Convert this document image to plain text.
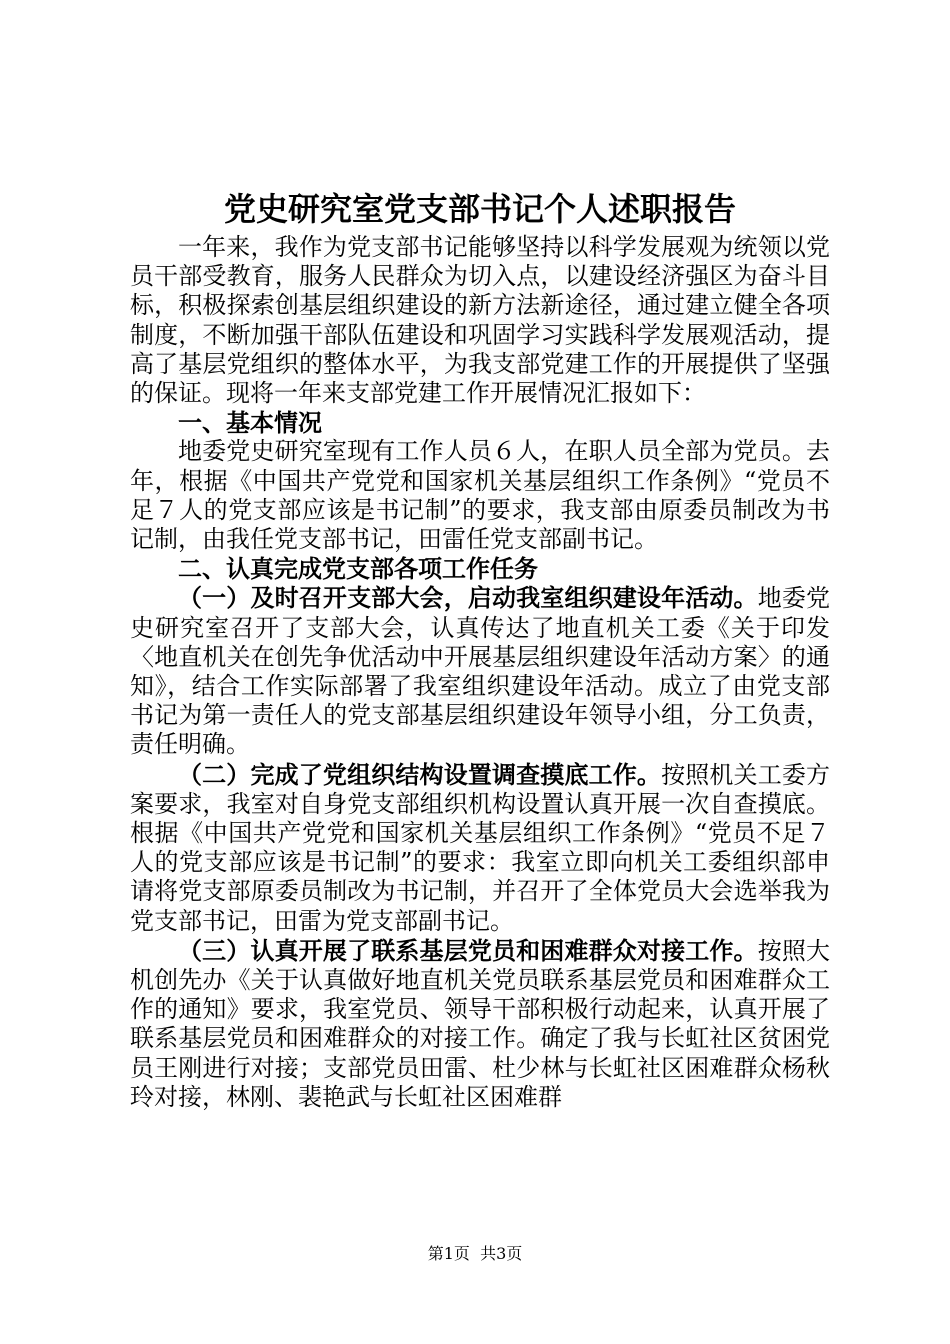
党史研究室党支部书记个人述职报告

一年来，我作为党支部书记能够坚持以科学发展观为统领以党员干部受教育，服务人民群众为切入点，以建设经济强区为奋斗目标，积极探索创基层组织建设的新方法新途径，通过建立健全各项制度，不断加强干部队伍建设和巩固学习实践科学发展观活动，提高了基层党组织的整体水平，为我支部党建工作的开展提供了坚强的保证。现将一年来支部党建工作开展情况汇报如下：

一、基本情况

地委党史研究室现有工作人员６人，在职人员全部为党员。去年，根据《中国共产党党和国家机关基层组织工作条例》“党员不足７人的党支部应该是书记制”的要求，我支部由原委员制改为书记制，由我任党支部书记，田雷任党支部副书记。

二、认真完成党支部各项工作任务

（一）及时召开支部大会，启动我室组织建设年活动。地委党史研究室召开了支部大会，认真传达了地直机关工委《关于印发〈地直机关在创先争优活动中开展基层组织建设年活动方案〉的通知》，结合工作实际部署了我室组织建设年活动。成立了由党支部书记为第一责任人的党支部基层组织建设年领导小组，分工负责，责任明确。

（二）完成了党组织结构设置调查摸底工作。按照机关工委方案要求，我室对自身党支部组织机构设置认真开展一次自查摸底。根据《中国共产党党和国家机关基层组织工作条例》“党员不足７人的党支部应该是书记制”的要求：我室立即向机关工委组织部申请将党支部原委员制改为书记制，并召开了全体党员大会选举我为党支部书记，田雷为党支部副书记。

（三）认真开展了联系基层党员和困难群众对接工作。按照大机创先办《关于认真做好地直机关党员联系基层党员和困难群众工作的通知》要求，我室党员、领导干部积极行动起来，认真开展了联系基层党员和困难群众的对接工作。确定了我与长虹社区贫困党员王刚进行对接；支部党员田雷、杜少林与长虹社区困难群众杨秋玲对接，林刚、裴艳武与长虹社区困难群

第1页 共3页
